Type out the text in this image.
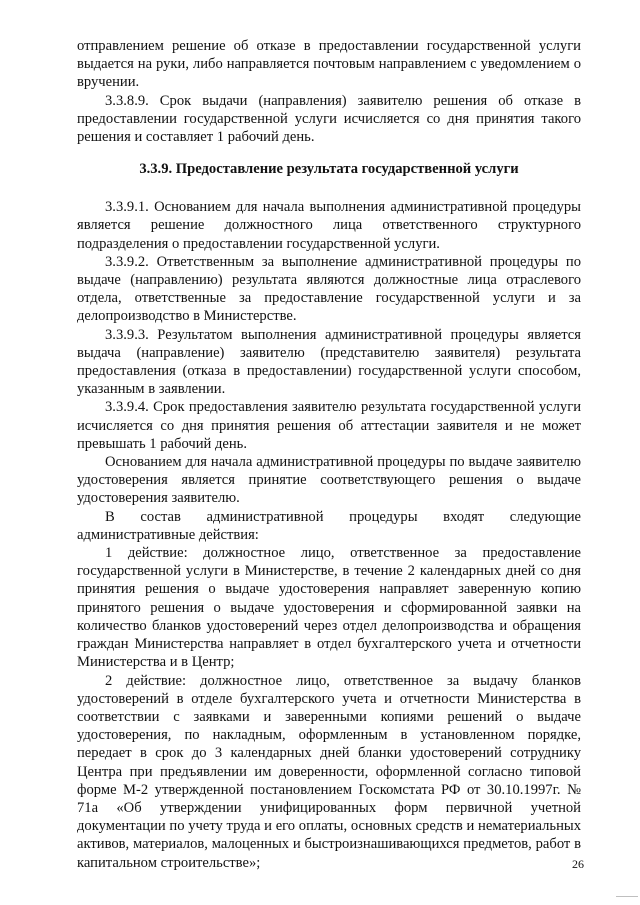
отправлением решение об отказе в предоставлении государственной услуги выдается на руки, либо направляется почтовым направлением с уведомлением о вручении.

3.3.8.9. Срок выдачи (направления) заявителю решения об отказе в предоставлении государственной услуги исчисляется со дня принятия такого решения и составляет 1 рабочий день.

3.3.9. Предоставление результата государственной услуги

3.3.9.1. Основанием для начала выполнения административной процедуры является решение должностного лица ответственного структурного подразделения о предоставлении государственной услуги.

3.3.9.2. Ответственным за выполнение административной процедуры по выдаче (направлению) результата являются должностные лица отраслевого отдела, ответственные за предоставление государственной услуги и за делопроизводство в Министерстве.

3.3.9.3. Результатом выполнения административной процедуры является выдача (направление) заявителю (представителю заявителя) результата предоставления (отказа в предоставлении) государственной услуги способом, указанным в заявлении.

3.3.9.4. Срок предоставления заявителю результата государственной услуги исчисляется со дня принятия решения об аттестации заявителя и не может превышать 1 рабочий день.

Основанием для начала административной процедуры по выдаче заявителю удостоверения является принятие соответствующего решения о выдаче удостоверения заявителю.

В состав административной процедуры входят следующие административные действия:

1 действие: должностное лицо, ответственное за предоставление государственной услуги в Министерстве, в течение 2 календарных дней со дня принятия решения о выдаче удостоверения направляет заверенную копию принятого решения о выдаче удостоверения и сформированной заявки на количество бланков удостоверений через отдел делопроизводства и обращения граждан Министерства направляет в отдел бухгалтерского учета и отчетности Министерства и в Центр;

2 действие: должностное лицо, ответственное за выдачу бланков удостоверений в отделе бухгалтерского учета и отчетности Министерства в соответствии с заявками и заверенными копиями решений о выдаче удостоверения, по накладным, оформленным в установленном порядке, передает в срок до 3 календарных дней бланки удостоверений сотруднику Центра при предъявлении им доверенности, оформленной согласно типовой форме М-2 утвержденной постановлением Госкомстата РФ от 30.10.1997г. № 71а «Об утверждении унифицированных форм первичной учетной документации по учету труда и его оплаты, основных средств и нематериальных активов, материалов, малоценных и быстроизнашивающихся предметов, работ в капитальном строительстве»;	26
